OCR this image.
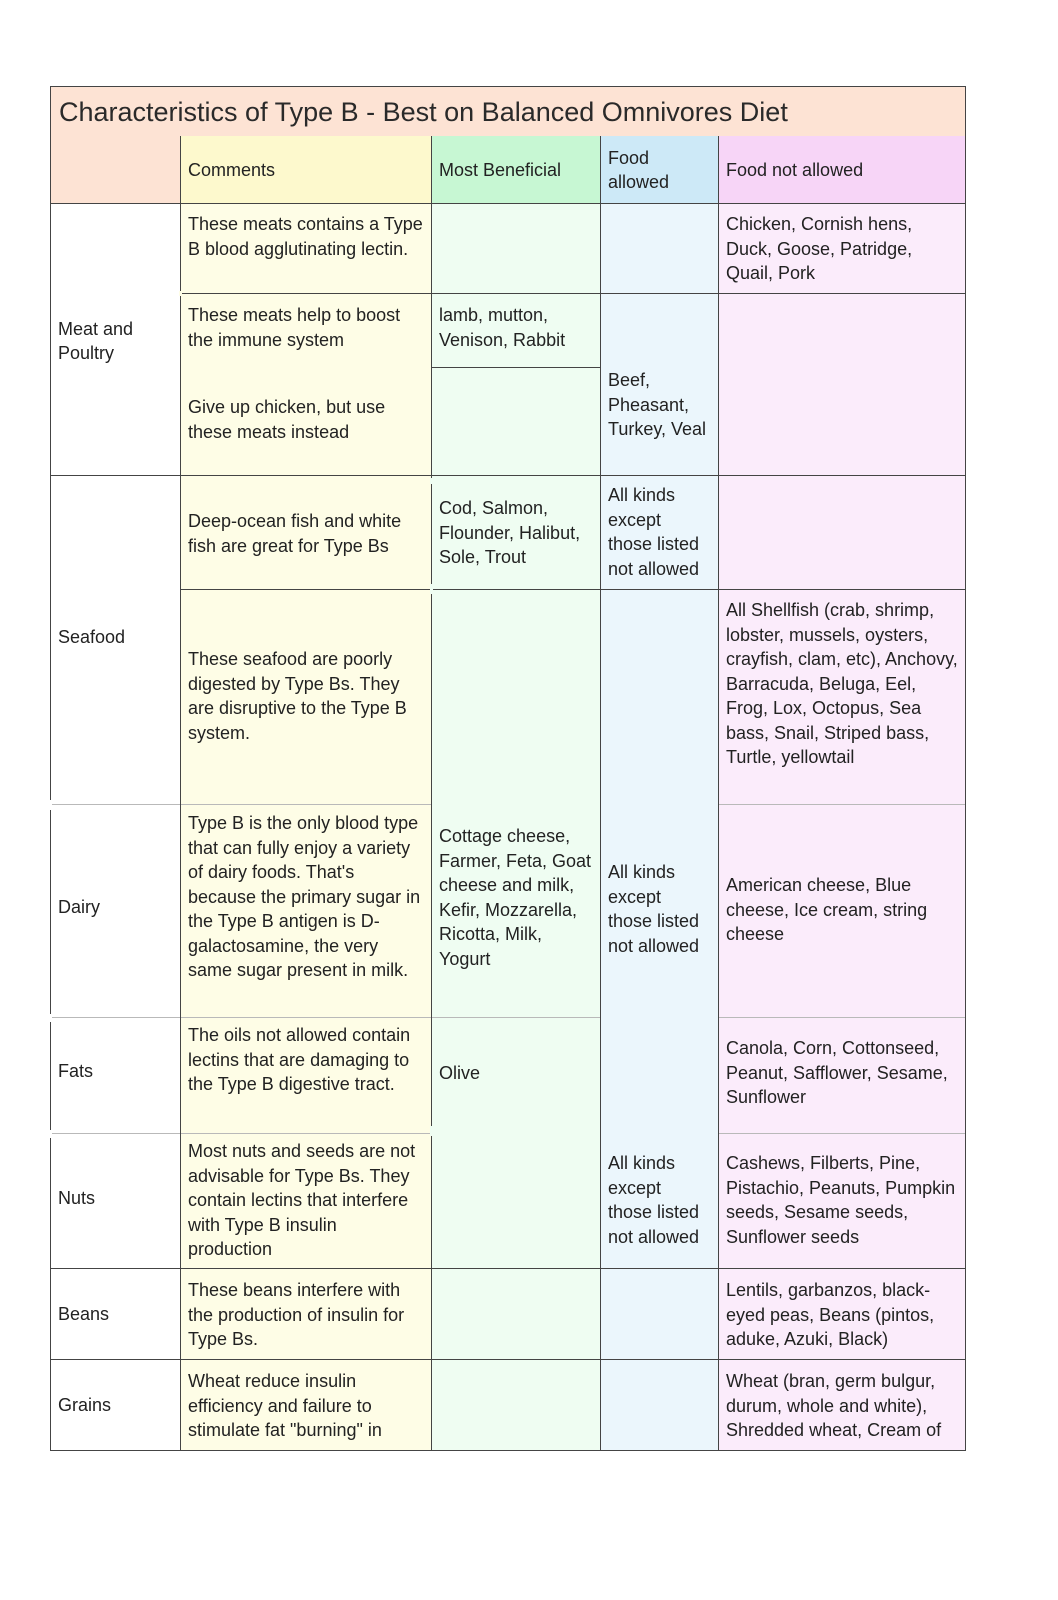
Characteristics of Type B - Best on Balanced Omnivores Diet
Comments	Most Beneficial
Food allowed
Food not allowed
Meat and Poultry
Seafood
Dairy
Fats
Nuts
Beans
Grains
These meats contains a Type B blood agglutinating lectin.
These meats help to boost the immune system
Give up chicken, but use these meats instead
Deep-ocean fish and white fish are great for Type Bs
These seafood are poorly digested by Type Bs. They are disruptive to the Type B system.
Type B is the only blood type that can fully enjoy a variety of dairy foods. That's because the primary sugar in the Type B antigen is D-galactosamine, the very same sugar present in milk.
The oils not allowed contain lectins that are damaging to the Type B digestive tract.
Most nuts and seeds are not advisable for Type Bs. They contain lectins that interfere with Type B insulin production
These beans interfere with the production of insulin for Type Bs.
Wheat reduce insulin efficiency and failure to stimulate fat "burning" in
lamb, mutton, Venison, Rabbit
Cod, Salmon, Flounder, Halibut, Sole, Trout
Cottage cheese, Farmer, Feta, Goat cheese and milk, Kefir, Mozzarella, Ricotta, Milk, Yogurt
Olive
Beef, Pheasant, Turkey, Veal
All kinds except those listed not allowed
All kinds except those listed not allowed
All kinds except those listed not allowed
Chicken, Cornish hens, Duck, Goose, Patridge, Quail, Pork
All Shellfish (crab, shrimp, lobster, mussels, oysters, crayfish, clam, etc), Anchovy, Barracuda, Beluga, Eel, Frog, Lox, Octopus, Sea bass, Snail, Striped bass, Turtle, yellowtail
American cheese, Blue cheese, Ice cream, string cheese
Canola, Corn, Cottonseed, Peanut, Safflower, Sesame, Sunflower
Cashews, Filberts, Pine, Pistachio, Peanuts, Pumpkin seeds, Sesame seeds, Sunflower seeds
Lentils, garbanzos, black-eyed peas, Beans (pintos, aduke, Azuki, Black)
Wheat (bran, germ bulgur, durum, whole and white), Shredded wheat, Cream of
